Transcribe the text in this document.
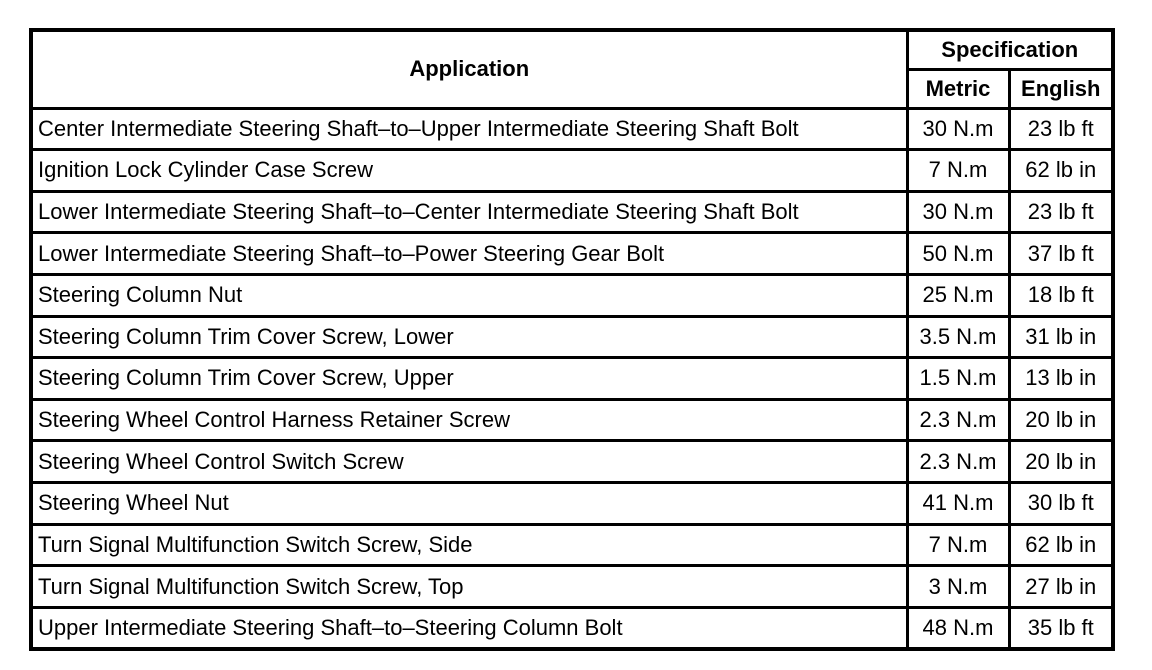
Application	Specification	
	Metric	English
Center Intermediate Steering Shaft–to–Upper Intermediate Steering Shaft Bolt	30 N.m	23 lb ft
Ignition Lock Cylinder Case Screw	7 N.m	62 lb in
Lower Intermediate Steering Shaft–to–Center Intermediate Steering Shaft Bolt	30 N.m	23 lb ft
Lower Intermediate Steering Shaft–to–Power Steering Gear Bolt	50 N.m	37 lb ft
Steering Column Nut	25 N.m	18 lb ft
Steering Column Trim Cover Screw, Lower	3.5 N.m	31 lb in
Steering Column Trim Cover Screw, Upper	1.5 N.m	13 lb in
Steering Wheel Control Harness Retainer Screw	2.3 N.m	20 lb in
Steering Wheel Control Switch Screw	2.3 N.m	20 lb in
Steering Wheel Nut	41 N.m	30 lb ft
Turn Signal Multifunction Switch Screw, Side	7 N.m	62 lb in
Turn Signal Multifunction Switch Screw, Top	3 N.m	27 lb in
Upper Intermediate Steering Shaft–to–Steering Column Bolt	48 N.m	35 lb ft
